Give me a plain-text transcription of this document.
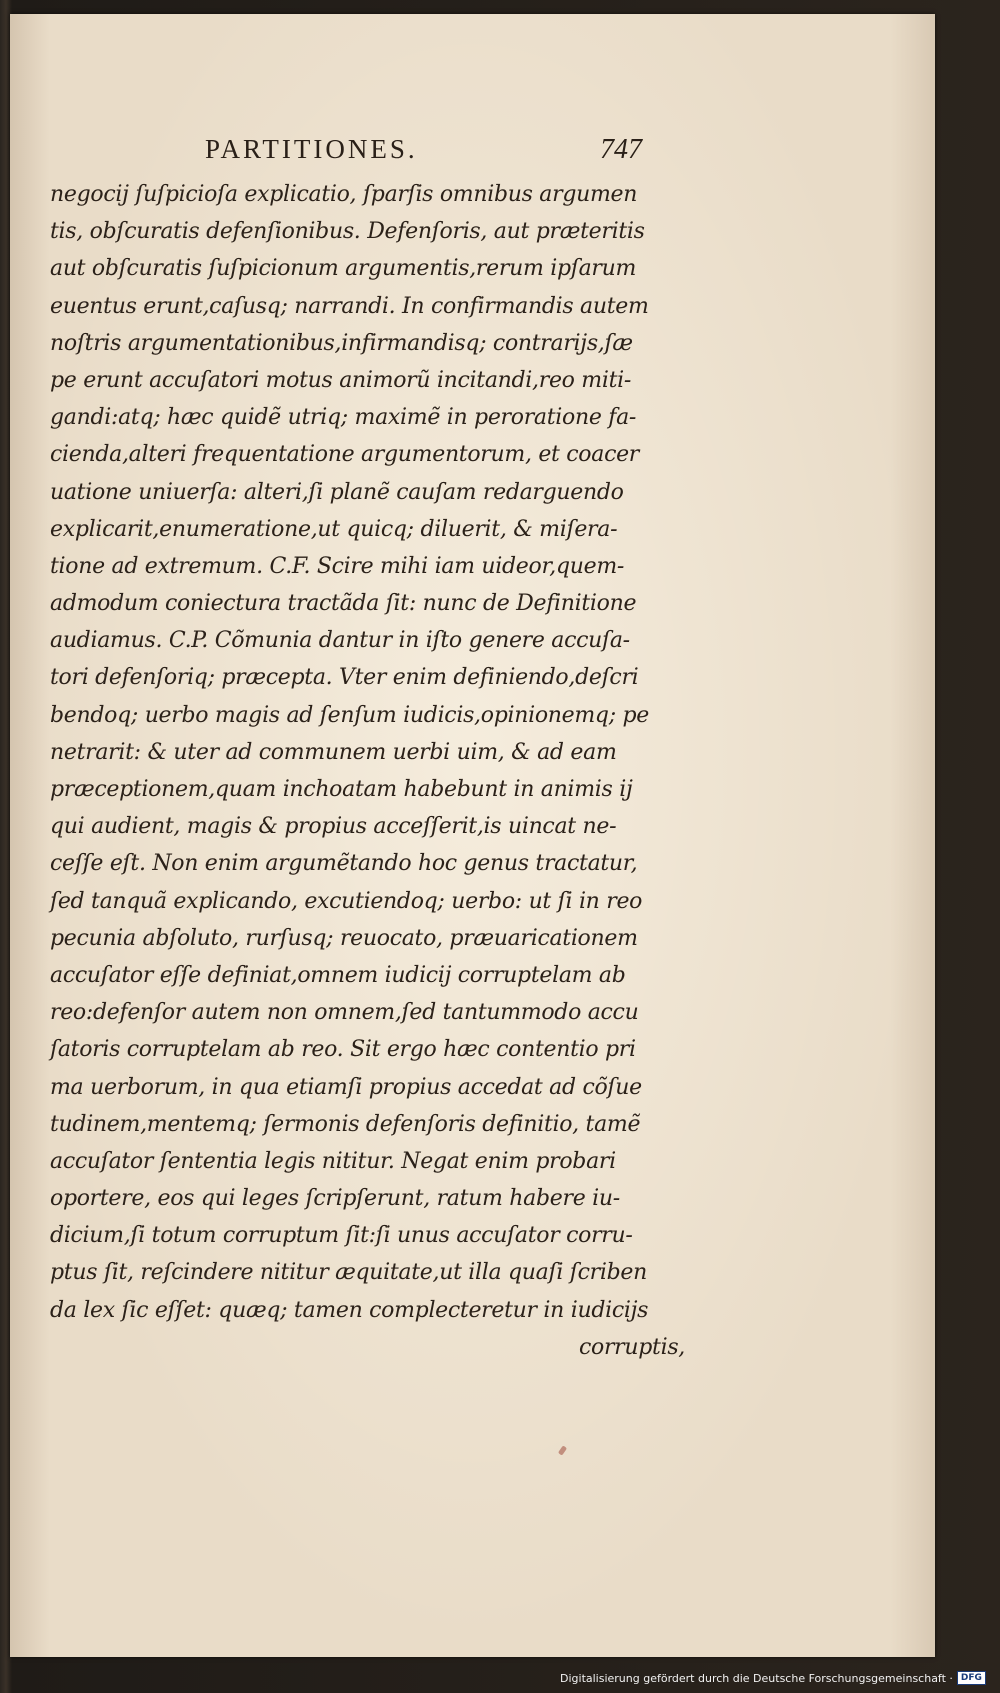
PARTITIONES.	747
negocij ſuſpicioſa explicatio, ſparſis omnibus argumen
tis, obſcuratis defenſionibus. Defenſoris, aut præteritis
aut obſcuratis ſuſpicionum argumentis,rerum ipſarum
euentus erunt,caſusq; narrandi. In confirmandis autem
noſtris argumentationibus,infirmandisq; contrarijs,ſæ
pe erunt accuſatori motus animorũ incitandi,reo miti-
gandi:atq; hæc quidẽ utriq; maximẽ in peroratione fa-
cienda,alteri frequentatione argumentorum, et coacer
uatione uniuerſa: alteri,ſi planẽ cauſam redarguendo
explicarit,enumeratione,ut quicq; diluerit, & miſera-
tione ad extremum. C.F. Scire mihi iam uideor,quem-
admodum coniectura tractãda ſit: nunc de Definitione
audiamus. C.P. Cõmunia dantur in iſto genere accuſa-
tori defenſoriq; præcepta. Vter enim definiendo,deſcri
bendoq; uerbo magis ad ſenſum iudicis,opinionemq; pe
netrarit: & uter ad communem uerbi uim, & ad eam
præceptionem,quam inchoatam habebunt in animis ij
qui audient, magis & propius acceſſerit,is uincat ne-
ceſſe eſt. Non enim argumẽtando hoc genus tractatur,
ſed tanquã explicando, excutiendoq; uerbo: ut ſi in reo
pecunia abſoluto, rurſusq; reuocato, præuaricationem
accuſator eſſe definiat,omnem iudicij corruptelam ab
reo:defenſor autem non omnem,ſed tantummodo accu
ſatoris corruptelam ab reo. Sit ergo hæc contentio pri
ma uerborum, in qua etiamſi propius accedat ad cõſue
tudinem,mentemq; ſermonis defenſoris definitio, tamẽ
accuſator ſententia legis nititur. Negat enim probari
oportere, eos qui leges ſcripſerunt, ratum habere iu-
dicium,ſi totum corruptum ſit:ſi unus accuſator corru-
ptus ſit, reſcindere nititur æquitate,ut illa quaſi ſcriben
da lex ſic eſſet: quæq; tamen complecteretur in iudicijs
corruptis,
Digitalisierung gefördert durch die Deutsche Forschungsgemeinschaft · DFG
